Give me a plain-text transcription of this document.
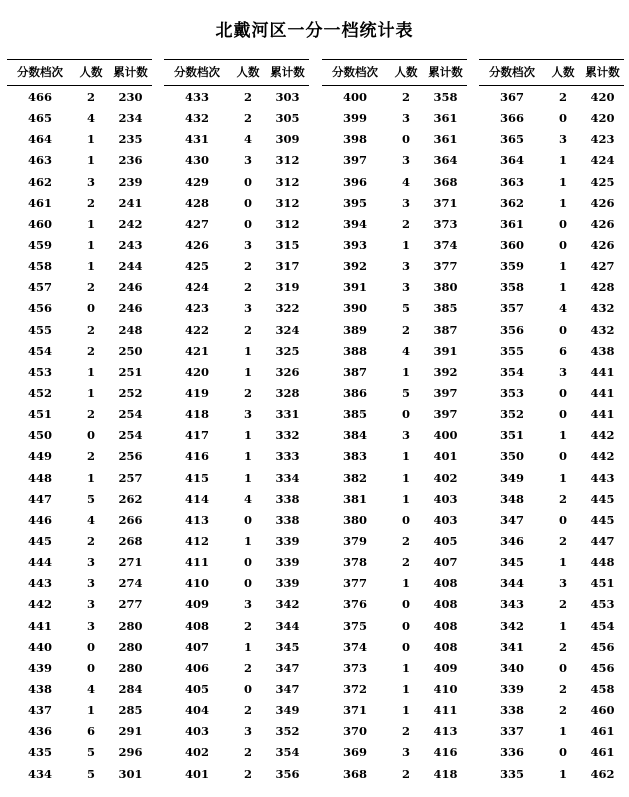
北戴河区一分一档统计表
分数档次	人数 累计数
466	2	230
465	4	234
464	1	235
463	1	236
462	3	239
461	2	241
460	1	242
459	1	243
458	1	244
457	2	246
456	0	246
455	2	248
454	2	250
453	1	251
452	1	252
451	2	254
450	0	254
449	2	256
448	1	257
447	5	262
446	4	266
445	2	268
444	3	271
443	3	274
442	3	277
441	3	280
440	0	280
439	0	280
438	4	284
437	1	285
436	6	291
435	5	296
434	5	301
分数档次	人数 累计数
433	2	303
432	2	305
431	4	309
430	3	312
429	0	312
428	0	312
427	0	312
426	3	315
425	2	317
424	2	319
423	3	322
422	2	324
421	1	325
420	1	326
419	2	328
418	3	331
417	1	332
416	1	333
415	1	334
414	4	338
413	0	338
412	1	339
411	0	339
410	0	339
409	3	342
408	2	344
407	1	345
406	2	347
405	0	347
404	2	349
403	3	352
402	2	354
401	2	356
分数档次	人数 累计数
400	2	358
399	3	361
398	0	361
397	3	364
396	4	368
395	3	371
394	2	373
393	1	374
392	3	377
391	3	380
390	5	385
389	2	387
388	4	391
387	1	392
386	5	397
385	0	397
384	3	400
383	1	401
382	1	402
381	1	403
380	0	403
379	2	405
378	2	407
377	1	408
376	0	408
375	0	408
374	0	408
373	1	409
372	1	410
371	1	411
370	2	413
369	3	416
368	2	418
分数档次	人数 累计数
367	2	420
366	0	420
365	3	423
364	1	424
363	1	425
362	1	426
361	0	426
360	0	426
359	1	427
358	1	428
357	4	432
356	0	432
355	6	438
354	3	441
353	0	441
352	0	441
351	1	442
350	0	442
349	1	443
348	2	445
347	0	445
346	2	447
345	1	448
344	3	451
343	2	453
342	1	454
341	2	456
340	0	456
339	2	458
338	2	460
337	1	461
336	0	461
335	1	462
